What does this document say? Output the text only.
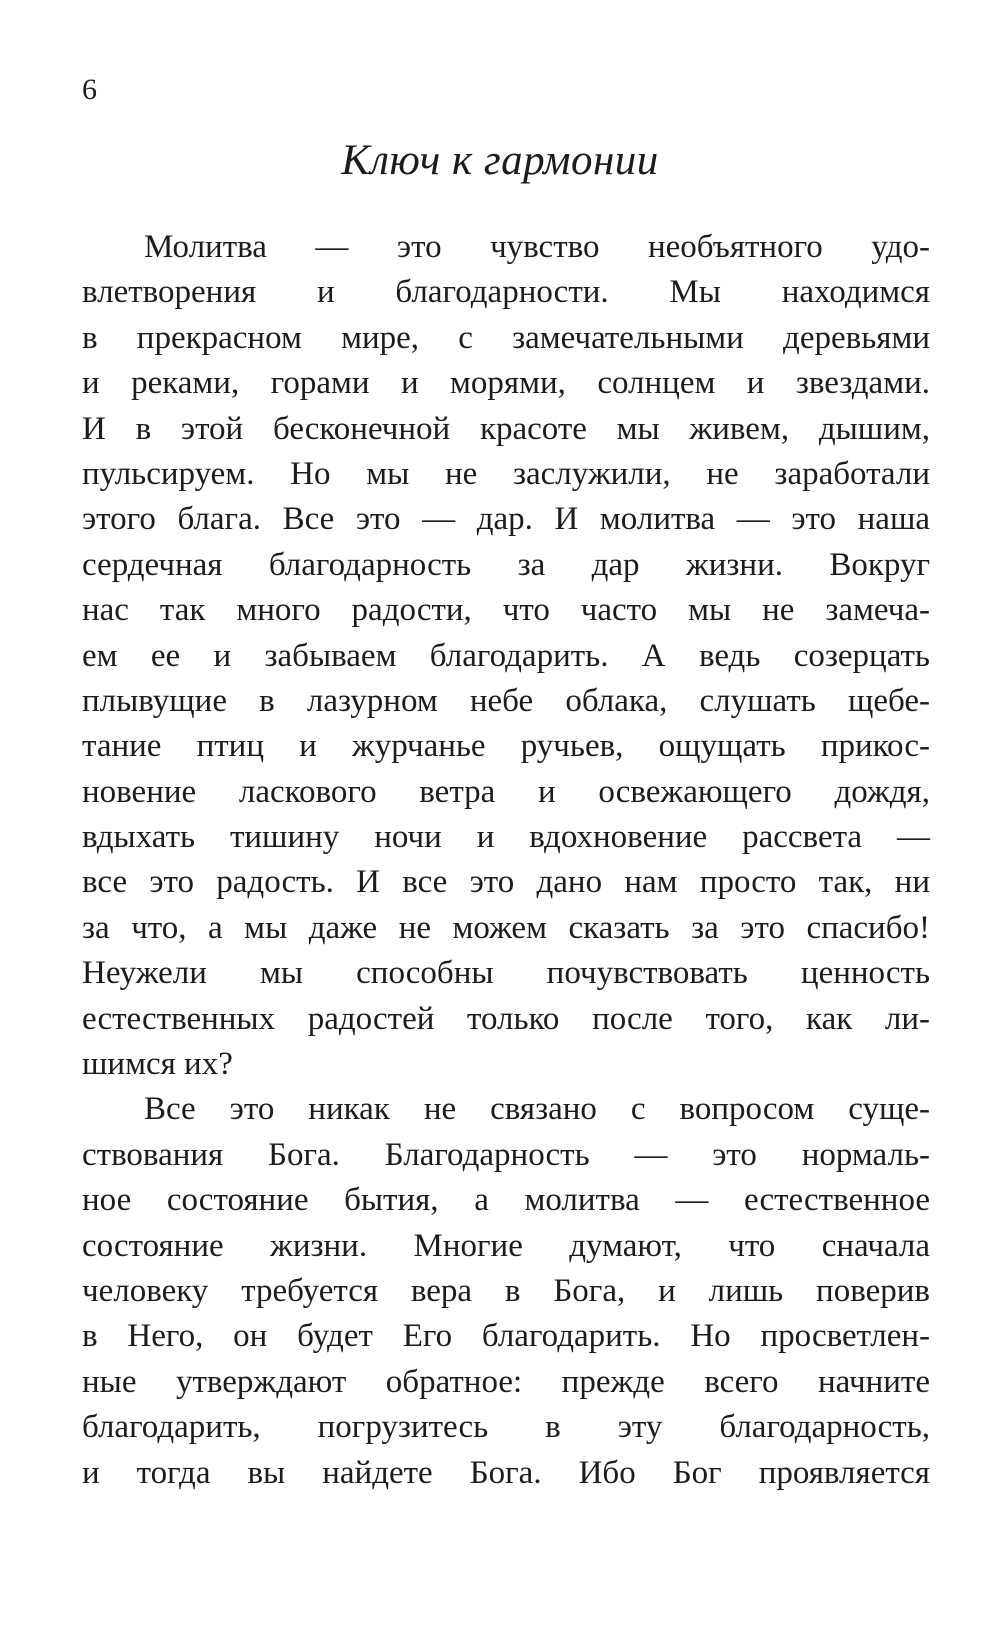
6
Ключ к гармонии
Молитва — это чувство необъятного удо-
влетворения и благодарности. Мы находимся
в прекрасном мире, с замечательными деревьями
и реками, горами и морями, солнцем и звездами.
И в этой бесконечной красоте мы живем, дышим,
пульсируем. Но мы не заслужили, не заработали
этого блага. Все это — дар. И молитва — это наша
сердечная благодарность за дар жизни. Вокруг
нас так много радости, что часто мы не замеча-
ем ее и забываем благодарить. А ведь созерцать
плывущие в лазурном небе облака, слушать щебе-
тание птиц и журчанье ручьев, ощущать прикос-
новение ласкового ветра и освежающего дождя,
вдыхать тишину ночи и вдохновение рассвета —
все это радость. И все это дано нам просто так, ни
за что, а мы даже не можем сказать за это спасибо!
Неужели мы способны почувствовать ценность
естественных радостей только после того, как ли-
шимся их?
Все это никак не связано с вопросом суще-
ствования Бога. Благодарность — это нормаль-
ное состояние бытия, а молитва — естественное
состояние жизни. Многие думают, что сначала
человеку требуется вера в Бога, и лишь поверив
в Него, он будет Его благодарить. Но просветлен-
ные утверждают обратное: прежде всего начните
благодарить, погрузитесь в эту благодарность,
и тогда вы найдете Бога. Ибо Бог проявляется
